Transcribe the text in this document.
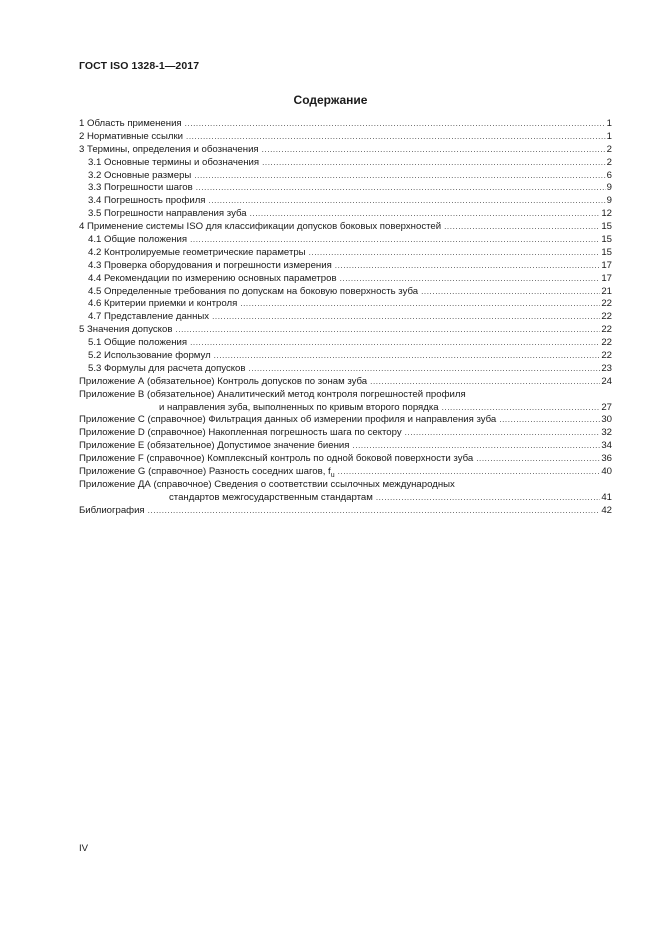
ГОСТ ISO 1328-1—2017
Содержание
1 Область применения .....	1
2 Нормативные ссылки .....	1
3 Термины, определения и обозначения .....	2
3.1 Основные термины и обозначения .....	2
3.2 Основные размеры .....	6
3.3 Погрешности шагов .....	9
3.4 Погрешность профиля .....	9
3.5 Погрешности направления зуба .....	12
4 Применение системы ISO для классификации допусков боковых поверхностей .....	15
4.1 Общие положения .....	15
4.2 Контролируемые геометрические параметры .....	15
4.3 Проверка оборудования и погрешности измерения .....	17
4.4 Рекомендации по измерению основных параметров .....	17
4.5 Определенные требования по допускам на боковую поверхность зуба .....	21
4.6 Критерии приемки и контроля .....	22
4.7 Представление данных .....	22
5 Значения допусков .....	22
5.1 Общие положения .....	22
5.2 Использование формул .....	22
5.3 Формулы для расчета допусков .....	23
Приложение А (обязательное) Контроль допусков по зонам зуба .....	24
Приложение В (обязательное) Аналитический метод контроля погрешностей профиля
и направления зуба, выполненных по кривым второго порядка .....	27
Приложение С (справочное) Фильтрация данных об измерении профиля и направления зуба .....	30
Приложение D (справочное) Накопленная погрешность шага по сектору .....	32
Приложение Е (обязательное) Допустимое значение биения .....	34
Приложение F (справочное) Комплексный контроль по одной боковой поверхности зуба .....	36
Приложение G (справочное) Разность соседних шагов, $f_u$ .....	40
Приложение ДА (справочное) Сведения о соответствии ссылочных международных
стандартов межгосударственным стандартам .....	41
Библиография .....	42
IV
